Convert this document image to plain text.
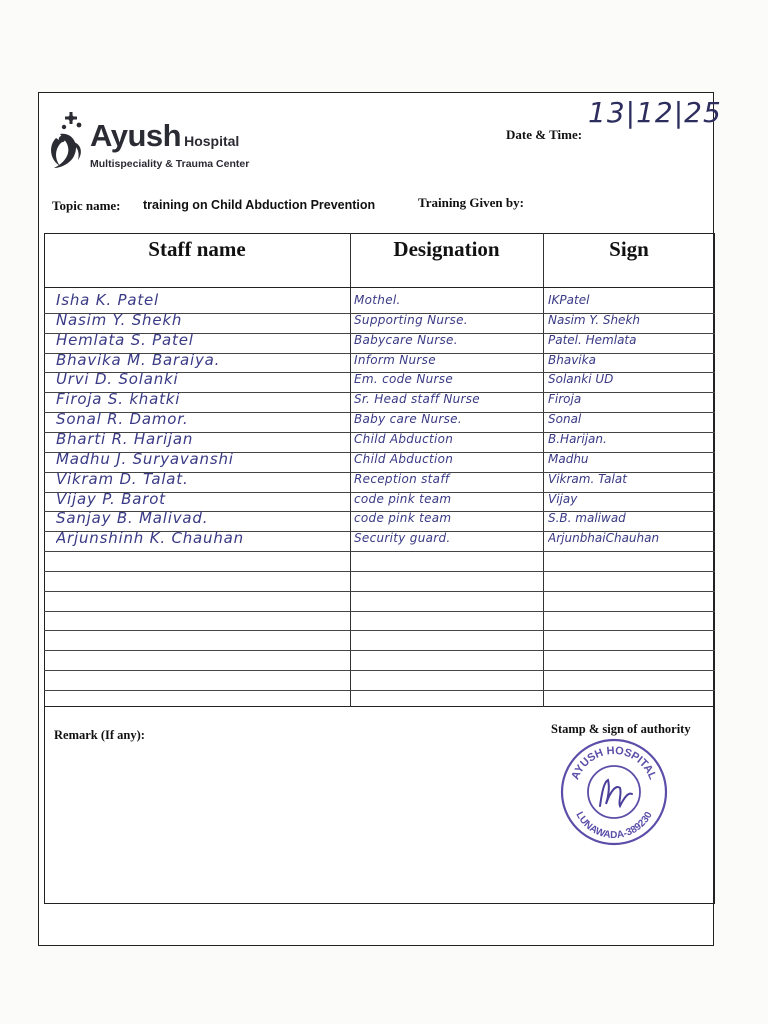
Ayush Hospital
Multispeciality & Trauma Center
Date & Time:
13|12|25
Topic name: training on Child Abduction Prevention	Training Given by:
Staff name	Designation	Sign
Isha K. Patel	Mothel.	IKPatel
Nasim Y. Shekh	Supporting Nurse.	Nasim Y. Shekh
Hemlata S. Patel	Babycare Nurse.	Patel. Hemlata
Bhavika M. Baraiya.	Inform Nurse	Bhavika
Urvi D. Solanki	Em. code Nurse	Solanki UD
Firoja S. khatki	Sr. Head staff Nurse	Firoja
Sonal R. Damor.	Baby care Nurse.	Sonal
Bharti R. Harijan	Child Abduction	B.Harijan.
Madhu J. Suryavanshi	Child Abduction	Madhu
Vikram D. Talat.	Reception staff	Vikram. Talat
Vijay P. Barot	code pink team	Vijay
Sanjay B. Malivad.	code pink team	S.B. maliwad
Arjunshinh K. Chauhan	Security guard.	ArjunbhaiChauhan
Remark (If any):	Stamp & sign of authority
AYUSH HOSPITAL
LUNAWADA-389230
